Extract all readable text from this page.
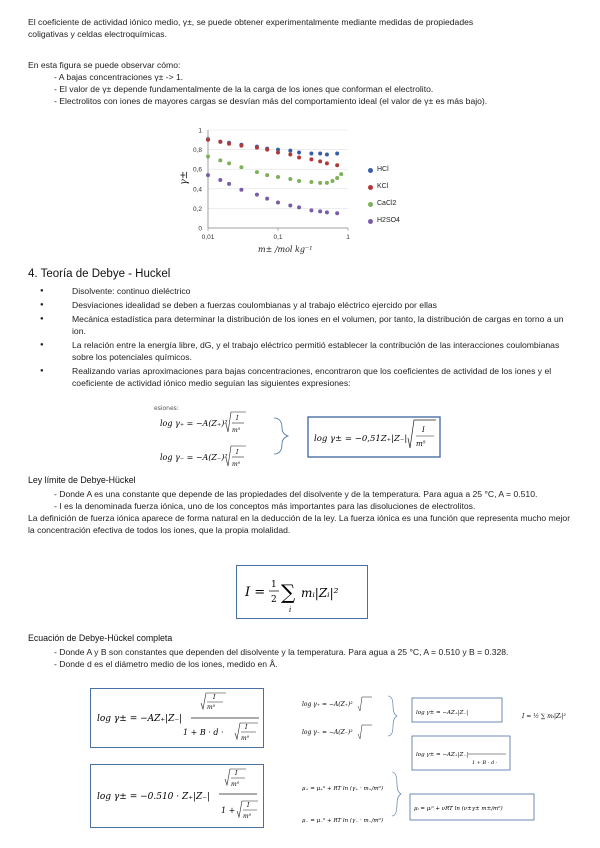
El coeficiente de actividad iónico medio, γ±, se puede obtener experimentalmente mediante medidas de propiedades

coligativas y celdas electroquímicas.

En esta figura se puede observar cómo:

- A bajas concentraciones γ± -> 1.

- El valor de γ± depende fundamentalmente de la la carga de los iones que conforman el electrolito.

- Electrolitos con iones de mayores cargas se desvían más del comportamiento ideal (el valor de γ± es más bajo).

0
0,2
0,4
0,6
0,8
1
0,01	0,1	1
γ±
m± /mol kg⁻¹
HCl
KCl
CaCl2
H2SO4
4. Teoría de Debye - Huckel
● Disolvente: continuo dieléctrico
● Desviaciones idealidad se deben a fuerzas coulombianas y al trabajo eléctrico ejercido por ellas
● Mecánica estadística para determinar la distribución de los iones en el volumen, por tanto, la distribución de cargas en torno a un ion.
● La relación entre la energía libre, dG, y el trabajo eléctrico permitió establecer la contribución de las interacciones coulombianas sobre los potenciales químicos.
● Realizando varias aproximaciones para bajas concentraciones, encontraron que los coeficientes de actividad de los iones y el coeficiente de actividad iónico medio seguían las siguientes expresiones:
esiones:
log γ₊ = −A(Z₊)²
I
m⁰
log γ₋ = −A(Z₋)²
I
m⁰
log γ± = −0,51Z₊|Z₋|
I
m⁰
Ley límite de Debye-Hückel

- Donde A es una constante que depende de las propiedades del disolvente y de la temperatura. Para agua a 25 °C, A = 0.510.

- I es la denominada fuerza iónica, uno de los conceptos más importantes para las disoluciones de electrolitos.

La definición de fuerza iónica aparece de forma natural en la deducción de la ley. La fuerza iónica es una función que representa mucho mejor la concentración efectiva de todos los iones, que la propia molalidad.

I = 1
2 ∑
i
mᵢ|Zᵢ|²
Ecuación de Debye-Hückel completa

- Donde A y B son constantes que dependen del disolvente y la temperatura. Para agua a 25 °C, A = 0.510 y B = 0.328.

- Donde d es el diámetro medio de los iones, medido en Å.

log γ± = −AZ₊|Z₋|
I
m⁰
1 + B · d ·
I
m⁰
log γ± = −0.510 · Z₊|Z₋|
I
m⁰
1 +
I
m⁰
log γ₊ = −A(Z₊)²
log γ₋ = −A(Z₋)²
log γ± = −AZ₊|Z₋|	I = ½ ∑ mᵢ|Zᵢ|²
log γ± = −AZ₊|Z₋|
1 + B · d ·
μ₊ = μ₊⁰ + RT ln (γ₊ · m₊/m⁰)
μ₋ = μ₋⁰ + RT ln (γ₋ · m₋/m⁰)
μᵢ = μᵢ⁰ + νRT ln (ν±γ± m±/m⁰)
